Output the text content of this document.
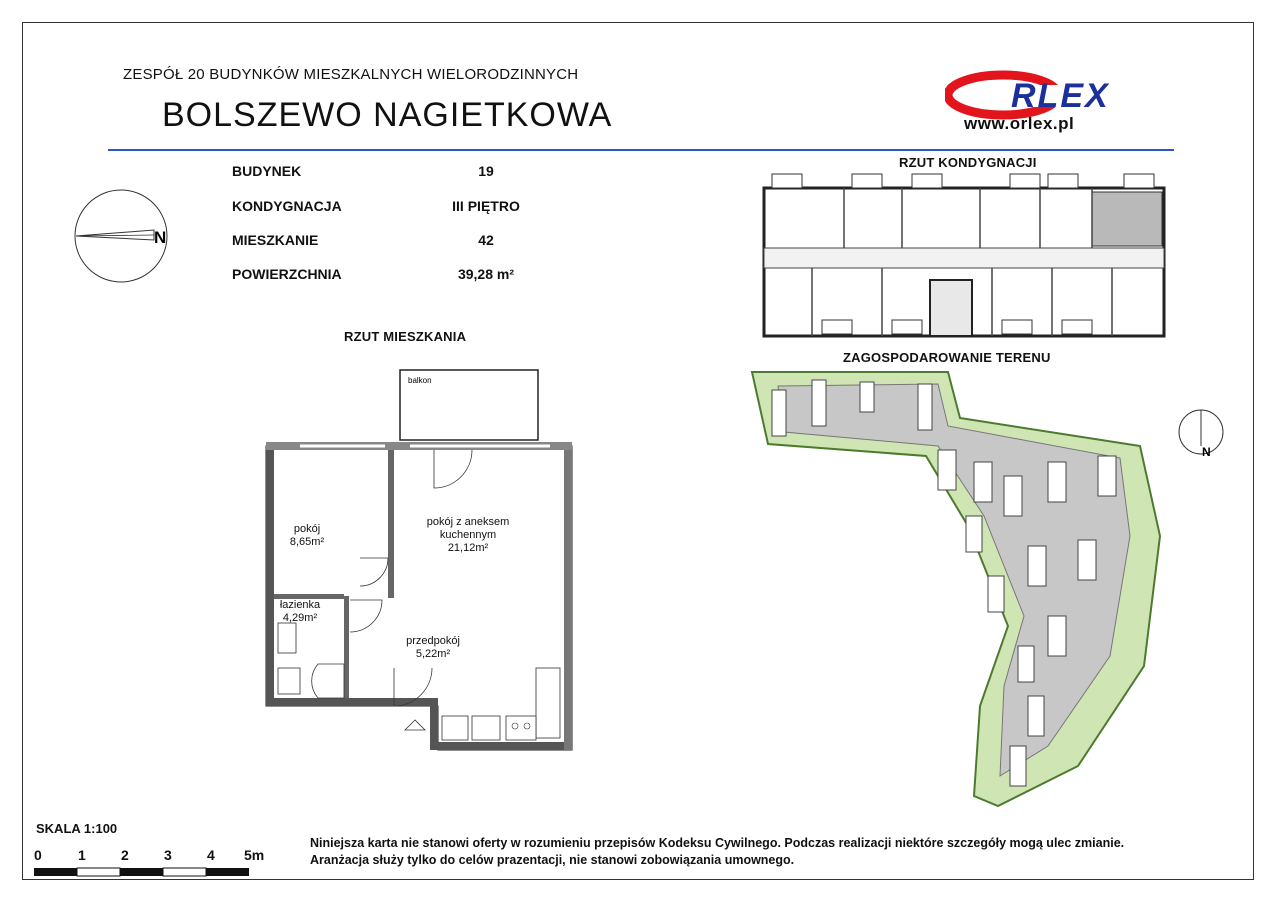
ZESPÓŁ 20 BUDYNKÓW MIESZKALNYCH WIELORODZINNYCH
BOLSZEWO NAGIETKOWA	RLEX
www.orlex.pl
N
BUDYNEK	19
KONDYGNACJA	III PIĘTRO
MIESZKANIE	42
POWIERZCHNIA	39,28 m²
RZUT MIESZKANIA
RZUT KONDYGNACJI
ZAGOSPODAROWANIE TERENU
balkon
pokój
8,65m²
pokój z aneksem kuchennym
21,12m²
łazienka
4,29m²
przedpokój
5,22m²
N
SKALA 1:100
0	1	2	3	4 5m
Niniejsza karta nie stanowi oferty w rozumieniu przepisów Kodeksu Cywilnego. Podczas realizacji niektóre szczegóły mogą ulec zmianie.
Aranżacja służy tylko do celów prazentacji, nie stanowi zobowiązania umownego.
